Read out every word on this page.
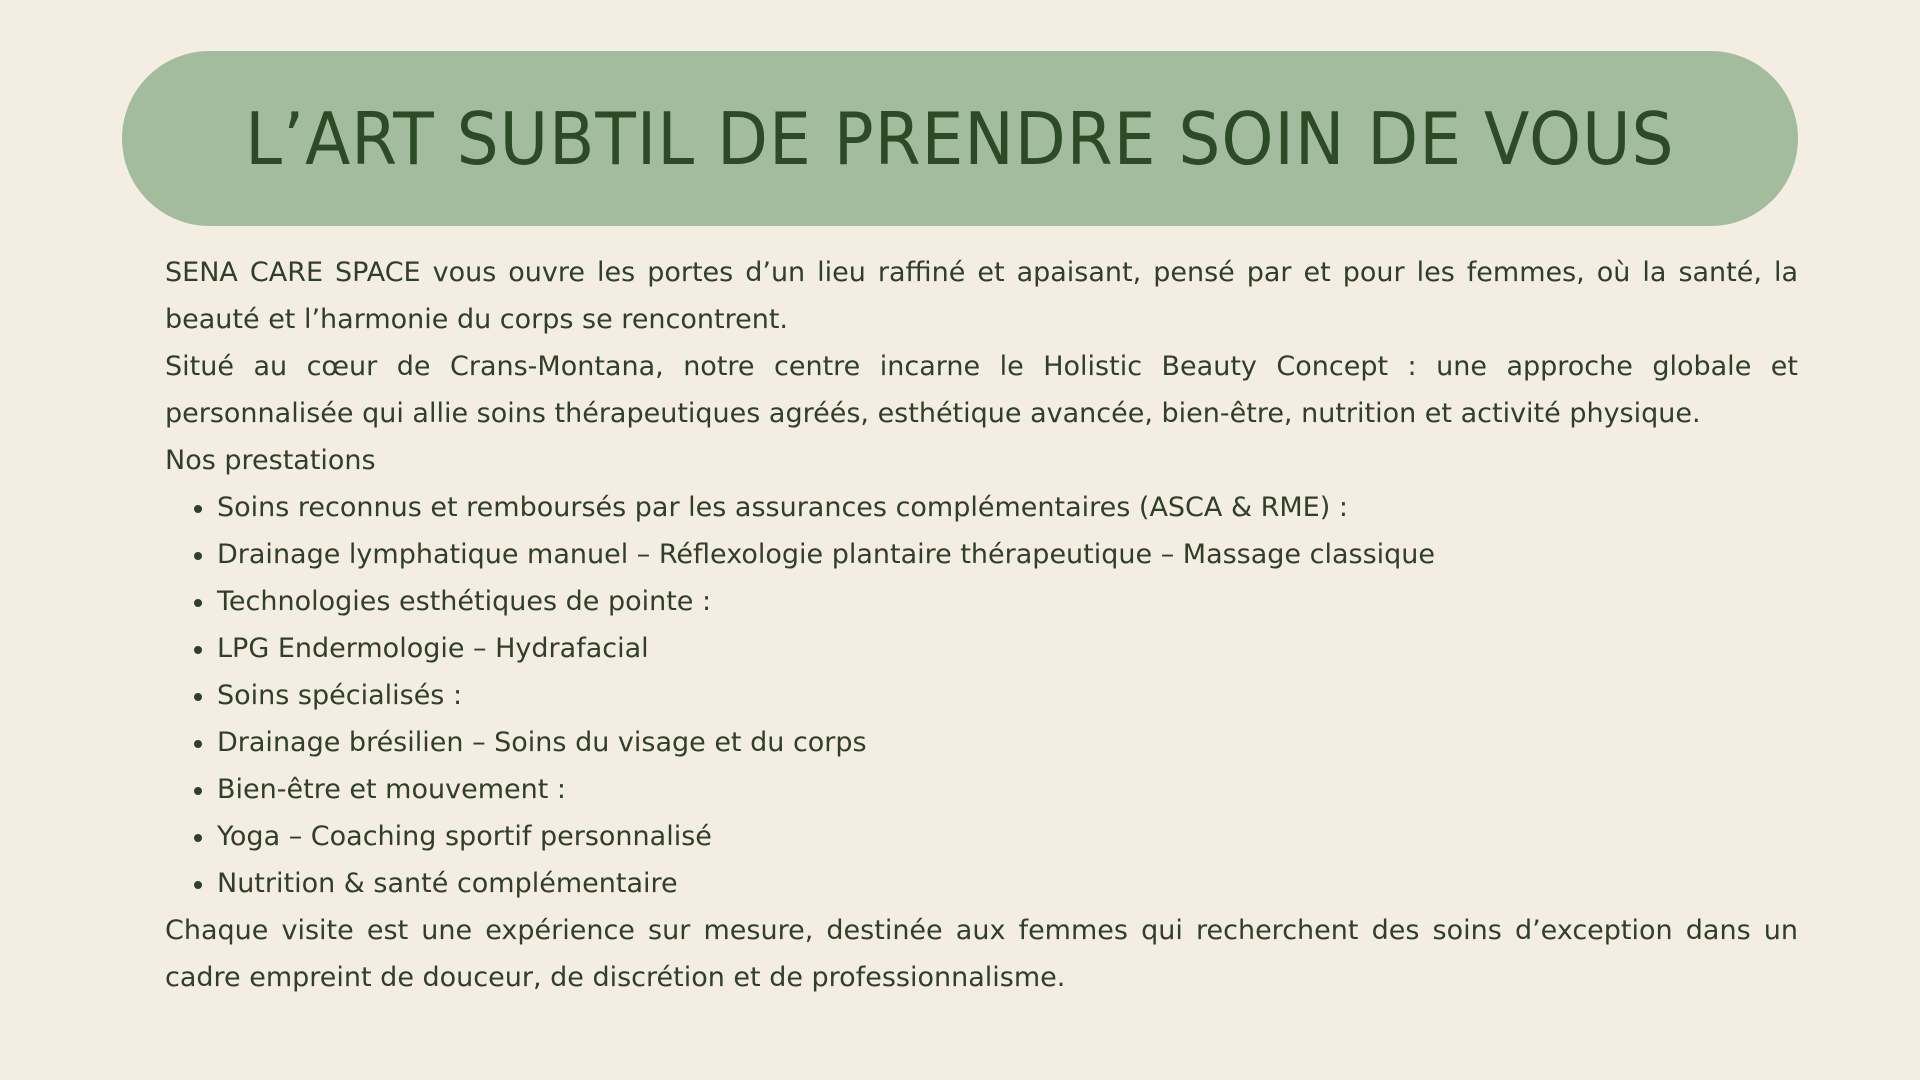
L’ART SUBTIL DE PRENDRE SOIN DE VOUS

SENA CARE SPACE vous ouvre les portes d’un lieu raffiné et apaisant, pensé par et pour les femmes, où la santé, la beauté et l’harmonie du corps se rencontrent.

Situé au cœur de Crans-Montana, notre centre incarne le Holistic Beauty Concept : une approche globale et personnalisée qui allie soins thérapeutiques agréés, esthétique avancée, bien-être, nutrition et activité physique.

Nos prestations

Soins reconnus et remboursés par les assurances complémentaires (ASCA & RME) :
Drainage lymphatique manuel – Réflexologie plantaire thérapeutique – Massage classique
Technologies esthétiques de pointe :
LPG Endermologie – Hydrafacial
Soins spécialisés :
Drainage brésilien – Soins du visage et du corps
Bien-être et mouvement :
Yoga – Coaching sportif personnalisé
Nutrition & santé complémentaire

Chaque visite est une expérience sur mesure, destinée aux femmes qui recherchent des soins d’exception dans un cadre empreint de douceur, de discrétion et de professionnalisme.
